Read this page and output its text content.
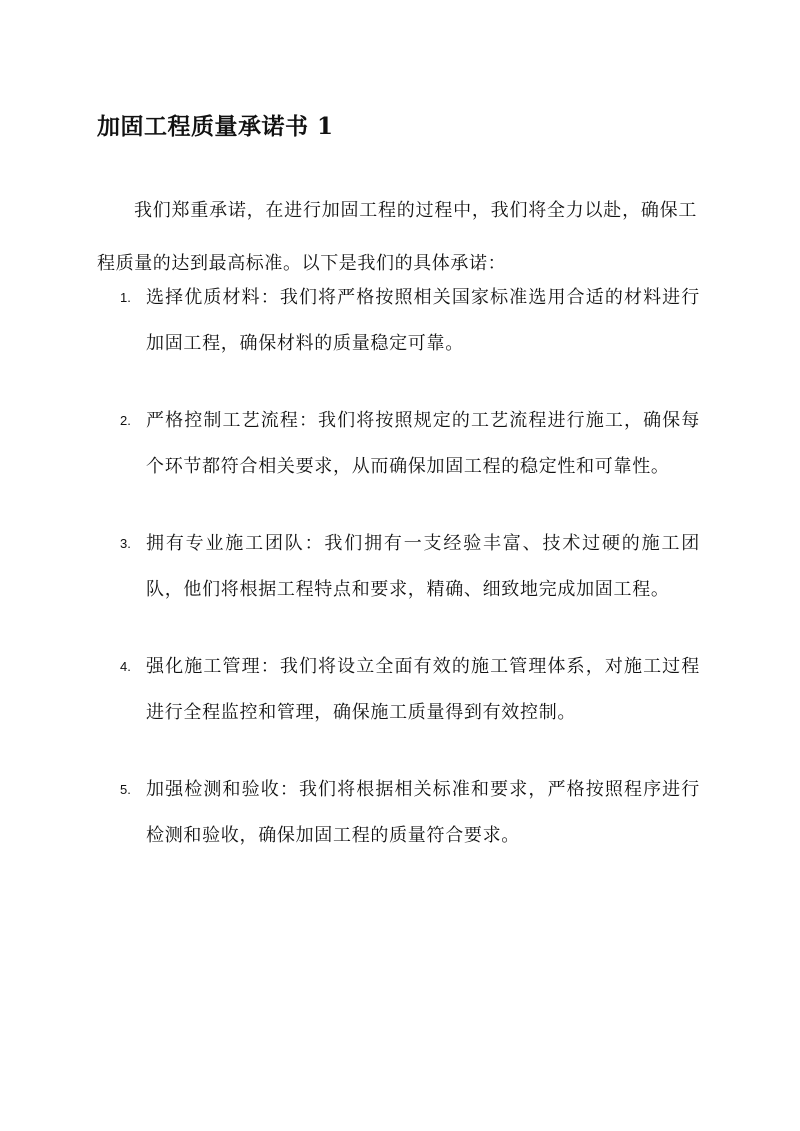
加固工程质量承诺书 1

我们郑重承诺，在进行加固工程的过程中，我们将全力以赴，确保工程质量的达到最高标准。以下是我们的具体承诺：

1. 选择优质材料：我们将严格按照相关国家标准选用合适的材料进行加固工程，确保材料的质量稳定可靠。
2. 严格控制工艺流程：我们将按照规定的工艺流程进行施工，确保每个环节都符合相关要求，从而确保加固工程的稳定性和可靠性。
3. 拥有专业施工团队：我们拥有一支经验丰富、技术过硬的施工团队，他们将根据工程特点和要求，精确、细致地完成加固工程。
4. 强化施工管理：我们将设立全面有效的施工管理体系，对施工过程进行全程监控和管理，确保施工质量得到有效控制。
5. 加强检测和验收：我们将根据相关标准和要求，严格按照程序进行检测和验收，确保加固工程的质量符合要求。
